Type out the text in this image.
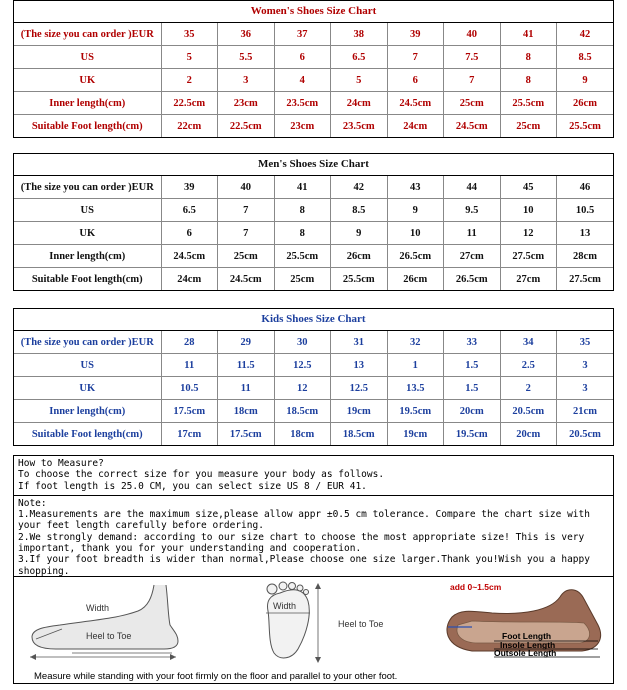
Women's Shoes Size Chart
(The size you can order )EUR	35	36	37	38	39	40	41	42
US	5	5.5	6	6.5	7	7.5	8	8.5
UK	2	3	4	5	6	7	8	9
Inner length(cm)	22.5cm	23cm	23.5cm	24cm	24.5cm	25cm	25.5cm	26cm
Suitable Foot length(cm)	22cm	22.5cm	23cm	23.5cm	24cm	24.5cm	25cm	25.5cm
Men's Shoes Size Chart
(The size you can order )EUR	39	40	41	42	43	44	45	46
US	6.5	7	8	8.5	9	9.5	10	10.5
UK	6	7	8	9	10	11	12	13
Inner length(cm)	24.5cm	25cm	25.5cm	26cm	26.5cm	27cm	27.5cm	28cm
Suitable Foot length(cm)	24cm	24.5cm	25cm	25.5cm	26cm	26.5cm	27cm	27.5cm
Kids Shoes Size Chart
(The size you can order )EUR	28	29	30	31	32	33	34	35
US	11	11.5	12.5	13	1	1.5	2.5	3
UK	10.5	11	12	12.5	13.5	1.5	2	3
Inner length(cm)	17.5cm	18cm	18.5cm	19cm	19.5cm	20cm	20.5cm	21cm
Suitable Foot length(cm)	17cm	17.5cm	18cm	18.5cm	19cm	19.5cm	20cm	20.5cm

How to Measure?

To choose the correct size for you measure your body as follows.

If foot length is 25.0 CM, you can select size US 8 / EUR 41.

Note:

1.Measurements are the maximum size,please allow appr ±0.5 cm tolerance. Compare the chart size with your feet length carefully before ordering.

2.We strongly demand: according to our size chart to choose the most appropriate size! This is very important, thank you for your understanding and cooperation.

3.If your foot breadth is wider than normal,Please choose one size larger.Thank you!Wish you a happy shopping.

Width
Heel to Toe
Width
Heel to Toe
add 0~1.5cm
Foot Length
Insole Length
Outsole Length
Measure while standing with your foot firmly on the floor and parallel to your other foot.
